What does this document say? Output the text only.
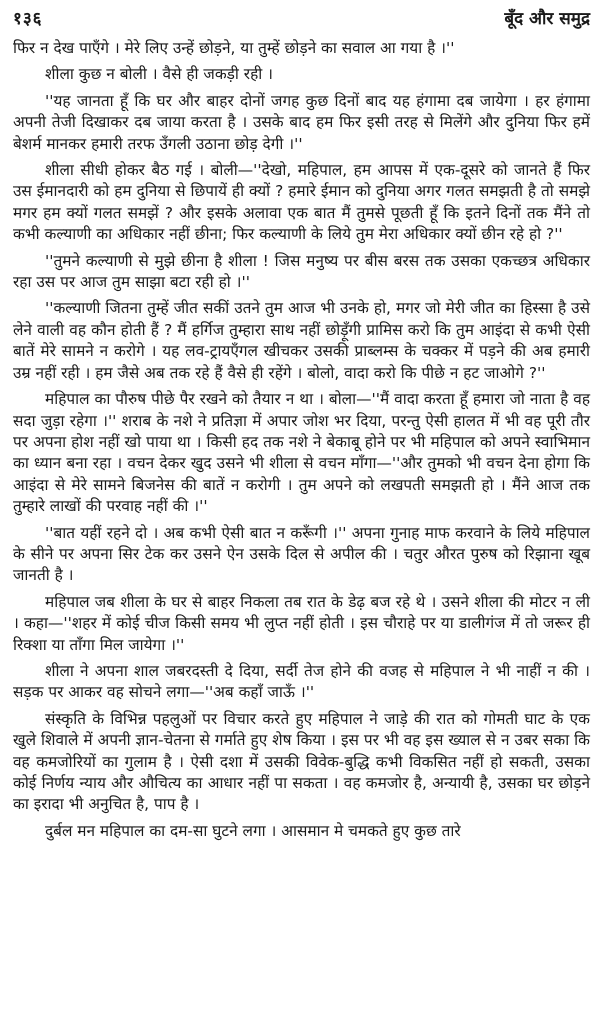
१३६	बूँद और समुद्र

फिर न देख पाएँगे । मेरे लिए उन्हें छोड़ने, या तुम्हें छोड़ने का सवाल आ गया है ।''

शीला कुछ न बोली । वैसे ही जकड़ी रही ।

''यह जानता हूँ कि घर और बाहर दोनों जगह कुछ दिनों बाद यह हंगामा दब जायेगा । हर हंगामा अपनी तेजी दिखाकर दब जाया करता है । उसके बाद हम फिर इसी तरह से मिलेंगे और दुनिया फिर हमें बेशर्म मानकर हमारी तरफ उँगली उठाना छोड़ देगी ।''

शीला सीधी होकर बैठ गई । बोली—''देखो, महिपाल, हम आपस में एक-दूसरे को जानते हैं फिर उस ईमानदारी को हम दुनिया से छिपायें ही क्यों ? हमारे ईमान को दुनिया अगर गलत समझती है तो समझे मगर हम क्यों गलत समझें ? और इसके अलावा एक बात मैं तुमसे पूछती हूँ कि इतने दिनों तक मैंने तो कभी कल्याणी का अधिकार नहीं छीना; फिर कल्याणी के लिये तुम मेरा अधिकार क्यों छीन रहे हो ?''

''तुमने कल्याणी से मुझे छीना है शीला ! जिस मनुष्य पर बीस बरस तक उसका एकच्छत्र अधिकार रहा उस पर आज तुम साझा बटा रही हो ।''

''कल्याणी जितना तुम्हें जीत सकीं उतने तुम आज भी उनके हो, मगर जो मेरी जीत का हिस्सा है उसे लेने वाली वह कौन होती हैं ? मैं हर्गिज तुम्हारा साथ नहीं छोड़ूँगी प्रामिस करो कि तुम आइंदा से कभी ऐसी बातें मेरे सामने न करोगे । यह लव-ट्रायएँगल खीचकर उसकी प्राब्लम्स के चक्कर में पड़ने की अब हमारी उम्र नहीं रही । हम जैसे अब तक रहे हैं वैसे ही रहेंगे । बोलो, वादा करो कि पीछे न हट जाओगे ?''

महिपाल का पौरुष पीछे पैर रखने को तैयार न था । बोला—''मैं वादा करता हूँ हमारा जो नाता है वह सदा जुड़ा रहेगा ।'' शराब के नशे ने प्रतिज्ञा में अपार जोश भर दिया, परन्तु ऐसी हालत में भी वह पूरी तौर पर अपना होश नहीं खो पाया था । किसी हद तक नशे ने बेकाबू होने पर भी महिपाल को अपने स्वाभिमान का ध्यान बना रहा । वचन देकर खुद उसने भी शीला से वचन माँगा—''और तुमको भी वचन देना होगा कि आइंदा से मेरे सामने बिजनेस की बातें न करोगी । तुम अपने को लखपती समझती हो । मैंने आज तक तुम्हारे लाखों की परवाह नहीं की ।''

''बात यहीं रहने दो । अब कभी ऐसी बात न करूँगी ।'' अपना गुनाह माफ करवाने के लिये महिपाल के सीने पर अपना सिर टेक कर उसने ऐन उसके दिल से अपील की । चतुर औरत पुरुष को रिझाना खूब जानती है ।

महिपाल जब शीला के घर से बाहर निकला तब रात के डेढ़ बज रहे थे । उसने शीला की मोटर न ली । कहा—''शहर में कोई चीज किसी समय भी लुप्त नहीं होती । इस चौराहे पर या डालीगंज में तो जरूर ही रिक्शा या ताँगा मिल जायेगा ।''

शीला ने अपना शाल जबरदस्ती दे दिया, सर्दी तेज होने की वजह से महिपाल ने भी नाहीं न की । सड़क पर आकर वह सोचने लगा—''अब कहाँ जाऊँ ।''

संस्कृति के विभिन्न पहलुओं पर विचार करते हुए महिपाल ने जाड़े की रात को गोमती घाट के एक खुले शिवाले में अपनी ज्ञान-चेतना से गर्माते हुए शेष किया । इस पर भी वह इस ख्याल से न उबर सका कि वह कमजोरियों का गुलाम है । ऐसी दशा में उसकी विवेक-बुद्धि कभी विकसित नहीं हो सकती, उसका कोई निर्णय न्याय और औचित्य का आधार नहीं पा सकता । वह कमजोर है, अन्यायी है, उसका घर छोड़ने का इरादा भी अनुचित है, पाप है ।

दुर्बल मन महिपाल का दम-सा घुटने लगा । आसमान मे चमकते हुए कुछ तारे
